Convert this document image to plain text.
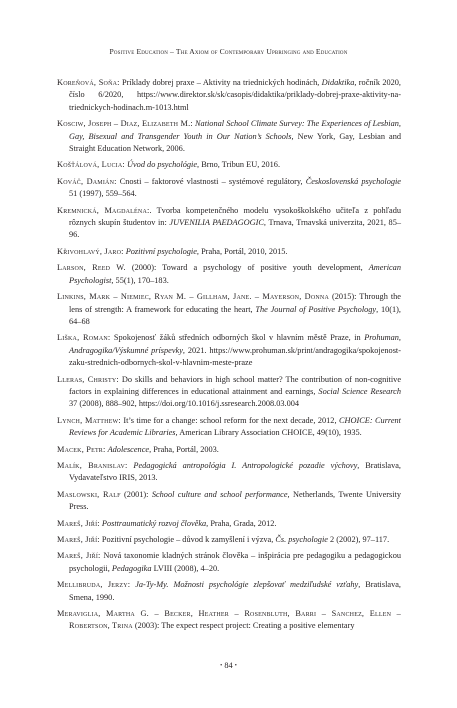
Positive Education – The Axiom of Contemporary Upbringing and Education

Koreňová, Soňa: Príklady dobrej praxe – Aktivity na triednických hodinách, Didaktika, ročník 2020, číslo 6/2020, https://www.direktor.sk/sk/casopis/didaktika/priklady-dobrej-praxe-aktivity-na-triednickych-hodinach.m-1013.html

Kosciw, Joseph – Diaz, Elizabeth M.: National School Climate Survey: The Experiences of Lesbian, Gay, Bisexual and Transgender Youth in Our Nation’s Schools, New York, Gay, Lesbian and Straight Education Network, 2006.

Košťálová, Lucia: Úvod do psychológie, Brno, Tribun EU, 2016.

Kováč, Damián: Cnosti – faktorové vlastnosti – systémové regulátory, Československá psychologie 51 (1997), 559–564.

Kremnická, Magdaléna:. Tvorba kompetenčného modelu vysokoškolského učiteľa z pohľadu rôznych skupín študentov in: JUVENILIA PAEDAGOGIC, Trnava, Trnavská univerzita, 2021, 85–96.

Křivohlavý, Jaro: Pozitivní psychologie, Praha, Portál, 2010, 2015.

Larson, Reed W. (2000): Toward a psychology of positive youth development, American Psychologist, 55(1), 170–183.

Linkins, Mark – Niemiec, Ryan M. – Gillham, Jane. – Mayerson, Donna (2015): Through the lens of strength: A framework for educating the heart, The Journal of Positive Psychology, 10(1), 64–68

Liška, Roman: Spokojenosť žáků středních odborných škol v hlavním městě Praze, in Prohuman, Andragogika/Výskumné príspevky, 2021. https://www.prohuman.sk/print/andragogika/spokojenost-zaku-strednich-odbornych-skol-v-hlavnim-meste-praze

Lleras, Christy: Do skills and behaviors in high school matter? The contribution of non-cognitive factors in explaining differences in educational attainment and earnings, Social Science Research 37 (2008), 888–902, https://doi.org/10.1016/j.ssresearch.2008.03.004

Lynch, Matthew: It’s time for a change: school reform for the next decade, 2012, CHOICE: Current Reviews for Academic Libraries, American Library Association CHOICE, 49(10), 1935.

Macek, Petr: Adolescence, Praha, Portál, 2003.

Malík, Branislav: Pedagogická antropológia I. Antropologické pozadie výchovy, Bratislava, Vydavateľstvo IRIS, 2013.

Maslowski, Ralf (2001): School culture and school performance, Netherlands, Twente University Press.

Mareš, Jiří: Posttraumatický rozvoj člověka, Praha, Grada, 2012.

Mareš, Jiří: Pozitivní psychologie – důvod k zamyšlení i výzva, Čs. psychologie 2 (2002), 97–117.

Mareš, Jiří: Nová taxonomie kladných stránok člověka – inšpirácia pre pedagogiku a pedagogickou psychologii, Pedagogika LVIII (2008), 4–20.

Mellibruda, Jerzy: Ja-Ty-My. Možnosti psychológie zlepšovať medziľudské vzťahy, Bratislava, Smena, 1990.

Meraviglia, Martha G. – Becker, Heather – Rosenbluth, Barri – Sanchez, Ellen – Robertson, Trina (2003): The expect respect project: Creating a positive elementary

• 84 •
